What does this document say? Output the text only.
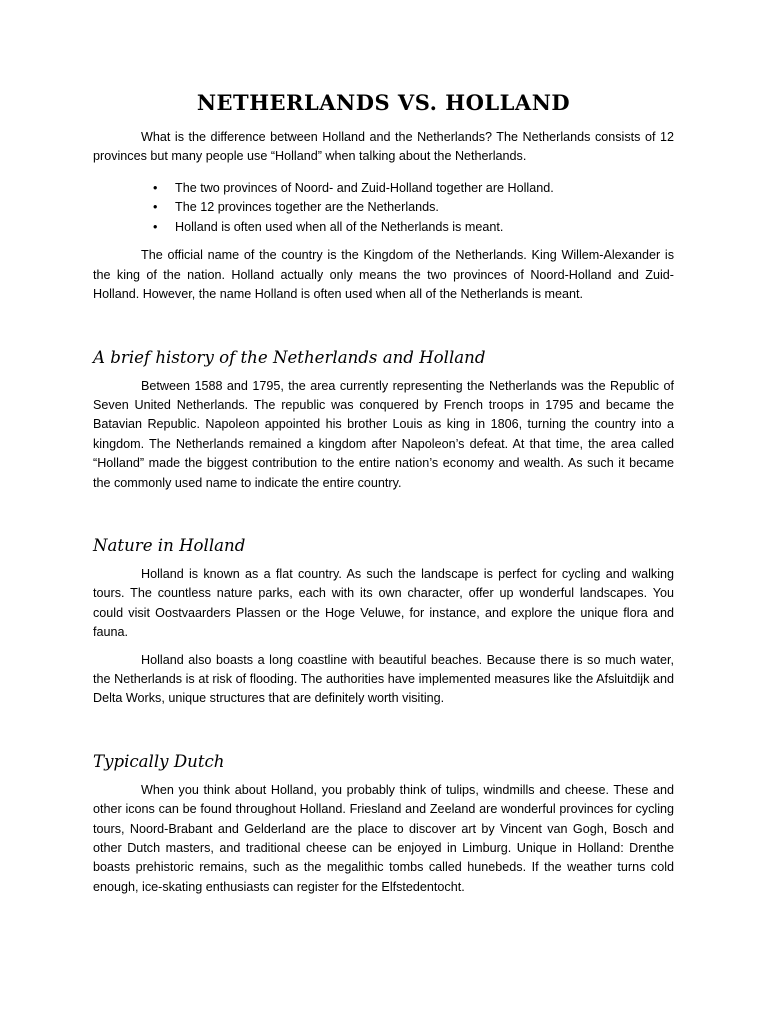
NETHERLANDS VS. HOLLAND

What is the difference between Holland and the Netherlands? The Netherlands consists of 12 provinces but many people use “Holland” when talking about the Netherlands.

• The two provinces of Noord- and Zuid-Holland together are Holland.
• The 12 provinces together are the Netherlands.
• Holland is often used when all of the Netherlands is meant.

The official name of the country is the Kingdom of the Netherlands. King Willem-Alexander is the king of the nation. Holland actually only means the two provinces of Noord-Holland and Zuid-Holland. However, the name Holland is often used when all of the Netherlands is meant.

A brief history of the Netherlands and Holland

Between 1588 and 1795, the area currently representing the Netherlands was the Republic of Seven United Netherlands. The republic was conquered by French troops in 1795 and became the Batavian Republic. Napoleon appointed his brother Louis as king in 1806, turning the country into a kingdom. The Netherlands remained a kingdom after Napoleon’s defeat. At that time, the area called “Holland” made the biggest contribution to the entire nation’s economy and wealth. As such it became the commonly used name to indicate the entire country.

Nature in Holland

Holland is known as a flat country. As such the landscape is perfect for cycling and walking tours. The countless nature parks, each with its own character, offer up wonderful landscapes. You could visit Oostvaarders Plassen or the Hoge Veluwe, for instance, and explore the unique flora and fauna.

Holland also boasts a long coastline with beautiful beaches. Because there is so much water, the Netherlands is at risk of flooding. The authorities have implemented measures like the Afsluitdijk and Delta Works, unique structures that are definitely worth visiting.

Typically Dutch

When you think about Holland, you probably think of tulips, windmills and cheese. These and other icons can be found throughout Holland. Friesland and Zeeland are wonderful provinces for cycling tours, Noord-Brabant and Gelderland are the place to discover art by Vincent van Gogh, Bosch and other Dutch masters, and traditional cheese can be enjoyed in Limburg. Unique in Holland: Drenthe boasts prehistoric remains, such as the megalithic tombs called hunebeds. If the weather turns cold enough, ice-skating enthusiasts can register for the Elfstedentocht.
